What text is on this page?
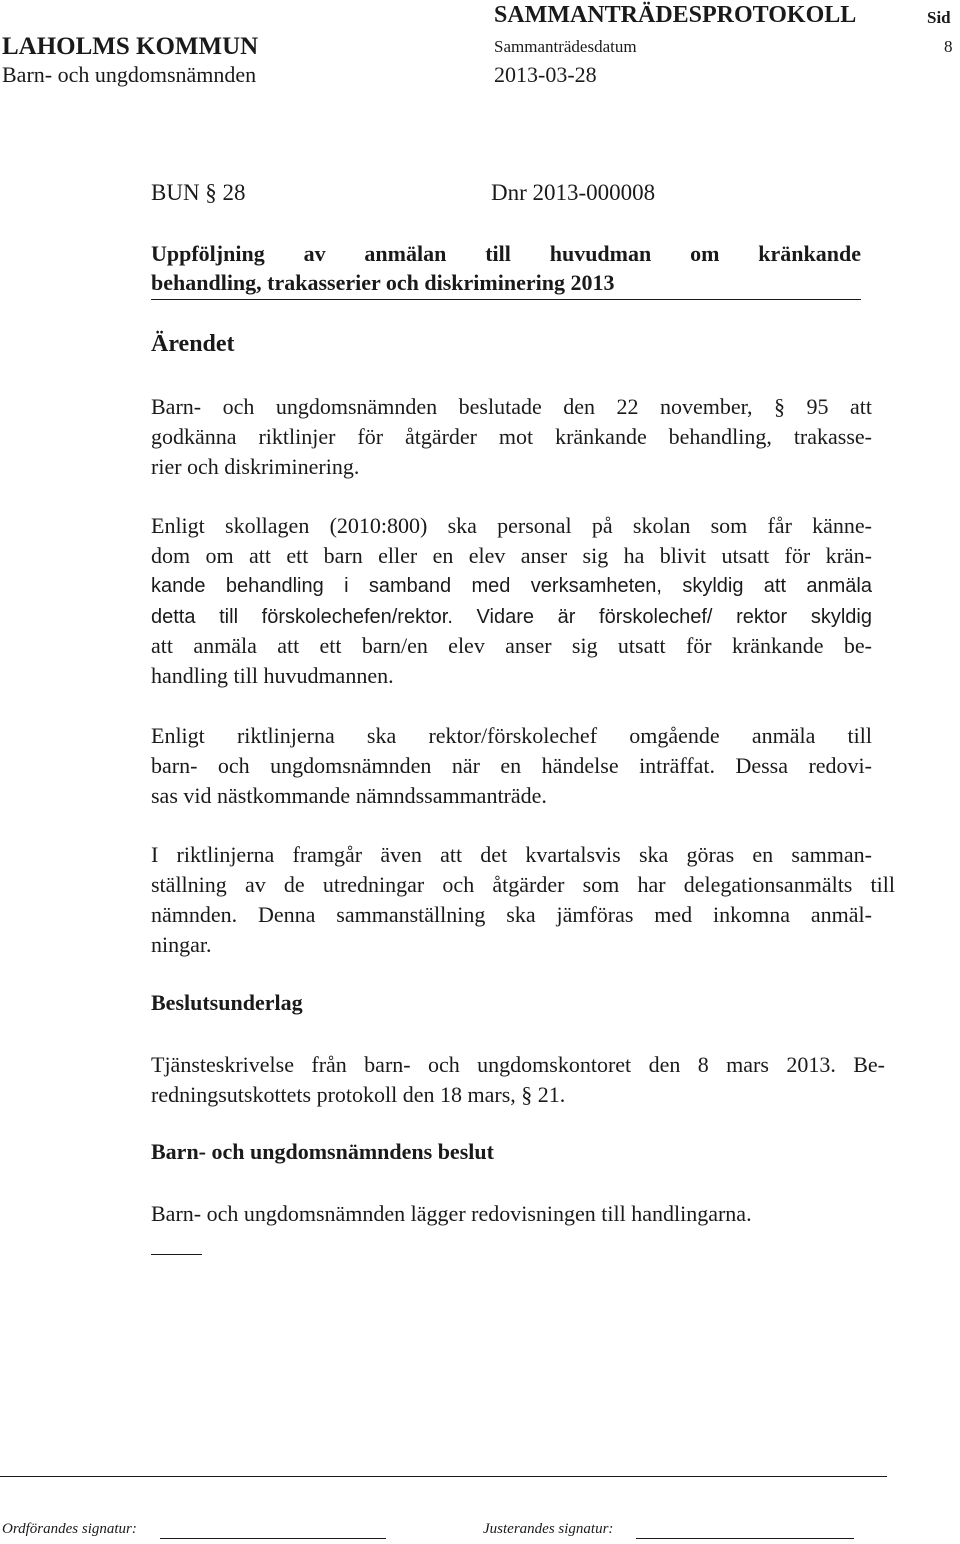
SAMMANTRÄDESPROTOKOLL	Sid
LAHOLMS KOMMUN	Sammanträdesdatum	8
Barn- och ungdomsnämnden	2013-03-28
BUN § 28	Dnr 2013-000008
Uppföljning av anmälan till huvudman om kränkande
behandling, trakasserier och diskriminering 2013
Ärendet
Barn- och ungdomsnämnden beslutade den 22 november, § 95 att
godkänna riktlinjer för åtgärder mot kränkande behandling, trakasse-
rier och diskriminering.
Enligt skollagen (2010:800) ska personal på skolan som får känne-
dom om att ett barn eller en elev anser sig ha blivit utsatt för krän-
kande behandling i samband med verksamheten, skyldig att anmäla
detta till förskolechefen/rektor. Vidare är förskolechef/ rektor skyldig
att anmäla att ett barn/en elev anser sig utsatt för kränkande be-
handling till huvudmannen.
Enligt riktlinjerna ska rektor/förskolechef omgående anmäla till
barn- och ungdomsnämnden när en händelse inträffat. Dessa redovi-
sas vid nästkommande nämndssammanträde.
I riktlinjerna framgår även att det kvartalsvis ska göras en samman-
ställning av de utredningar och åtgärder som har delegationsanmälts till
nämnden. Denna sammanställning ska jämföras med inkomna anmäl-
ningar.
Beslutsunderlag
Tjänsteskrivelse från barn- och ungdomskontoret den 8 mars 2013. Be-
redningsutskottets protokoll den 18 mars, § 21.
Barn- och ungdomsnämndens beslut
Barn- och ungdomsnämnden lägger redovisningen till handlingarna.
Ordförandes signatur:	Justerandes signatur:
